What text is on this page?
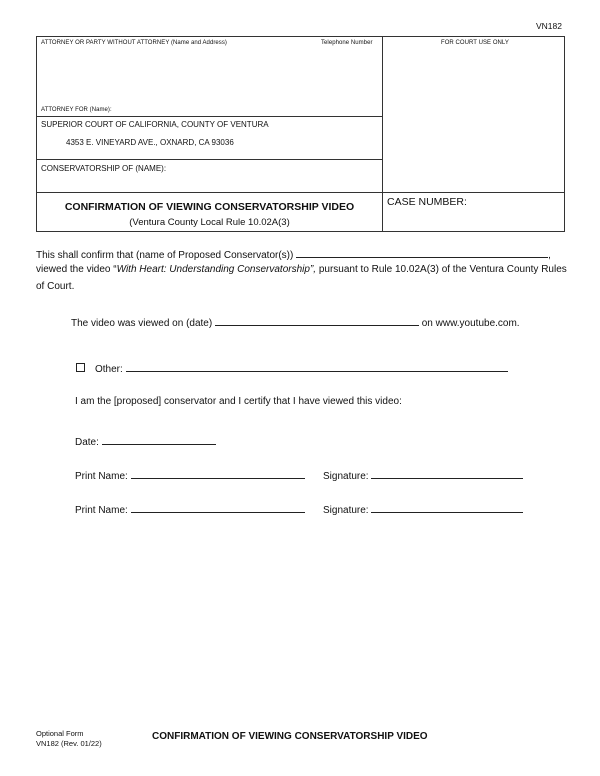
VN182
ATTORNEY OR PARTY WITHOUT ATTORNEY (Name and Address)	Telephone Number	FOR COURT USE ONLY
ATTORNEY FOR (Name):
SUPERIOR COURT OF CALIFORNIA, COUNTY OF VENTURA
4353 E. VINEYARD AVE., OXNARD, CA 93036
CONSERVATORSHIP OF (NAME):
CONFIRMATION OF VIEWING CONSERVATORSHIP VIDEO
(Ventura County Local Rule 10.02A(3)
CASE NUMBER:
This shall confirm that (name of Proposed Conservator(s))	,
viewed the video “With Heart: Understanding Conservatorship”, pursuant to Rule 10.02A(3) of the Ventura County Rules
of Court.
The video was viewed on (date)	on www.youtube.com.
Other:
I am the [proposed] conservator and I certify that I have viewed this video:
Date:
Print Name:	Signature:
Print Name:	Signature:
Optional Form
VN182 (Rev. 01/22)
CONFIRMATION OF VIEWING CONSERVATORSHIP VIDEO
